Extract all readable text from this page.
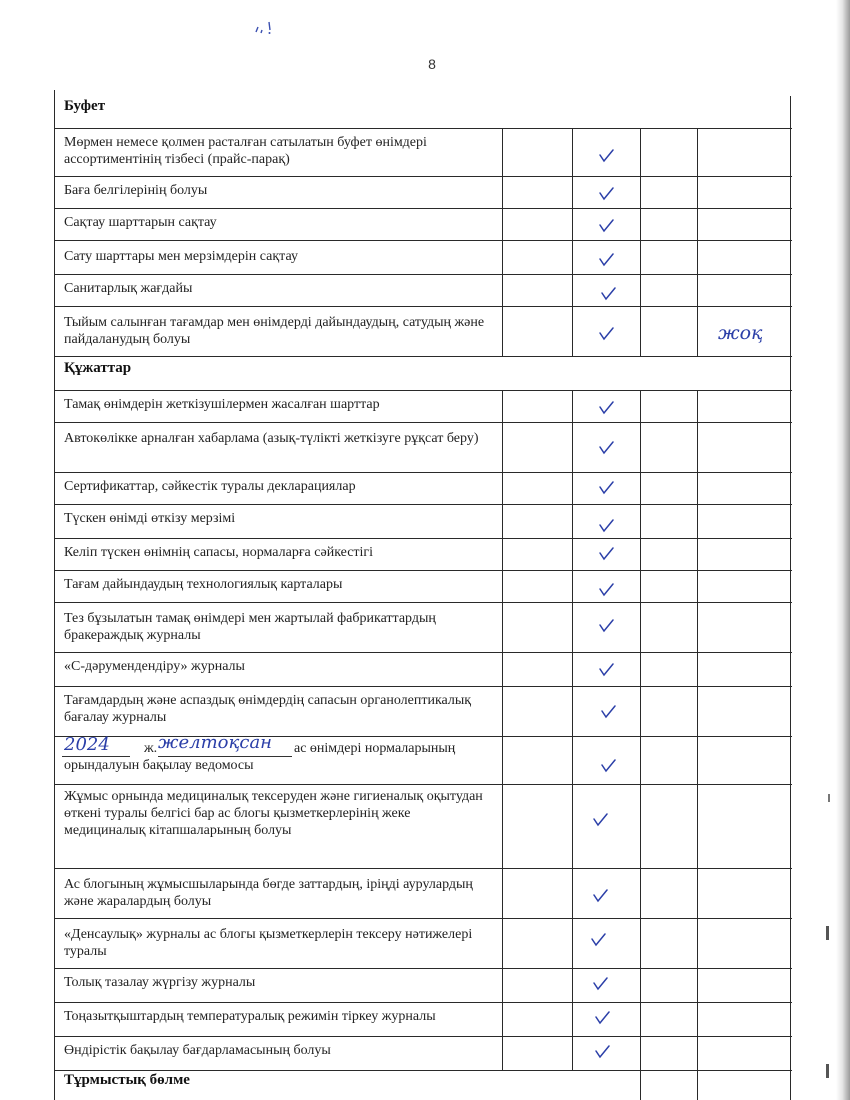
8
Буфет
Құжаттар
Тұрмыстық бөлме
Мөрмен немесе қолмен расталған сатылатын буфет өнімдері ассортиментінің тізбесі (прайс-парақ)
Баға белгілерінің болуы
Сақтау шарттарын сақтау
Сату шарттары мен мерзімдерін сақтау
Санитарлық жағдайы
Тыйым салынған тағамдар мен өнімдерді дайындаудың, сатудың және пайдаланудың болуы
Тамақ өнімдерін жеткізушілермен жасалған шарттар
Автокөлікке арналған хабарлама (азық-түлікті жеткізуге рұқсат беру)
Сертификаттар, сәйкестік туралы декларациялар
Түскен өнімді өткізу мерзімі
Келіп түскен өнімнің сапасы, нормаларға сәйкестігі
Тағам дайындаудың технологиялық карталары
Тез бұзылатын тамақ өнімдері мен жартылай фабрикаттардың бракераждық журналы
«С-дәрумендендіру» журналы
Тағамдардың және аспаздық өнімдердің сапасын органолептикалық бағалау журналы
2024 ж. желтоқсан	ас өнімдері нормаларының орындалуын бақылау ведомосы
Жұмыс орнында медициналық тексеруден және гигиеналық оқытудан өткені туралы белгісі бар ас блогы қызметкерлерінің жеке медициналық кітапшаларының болуы
Ас блогының жұмысшыларында бөгде заттардың, іріңді аурулардың және жаралардың болуы
«Денсаулық» журналы ас блогы қызметкерлерін тексеру нәтижелері туралы
Толық тазалау жүргізу журналы
Тоңазытқыштардың температуралық режимін тіркеу журналы
Өндірістік бақылау бағдарламасының болуы
жоқ
